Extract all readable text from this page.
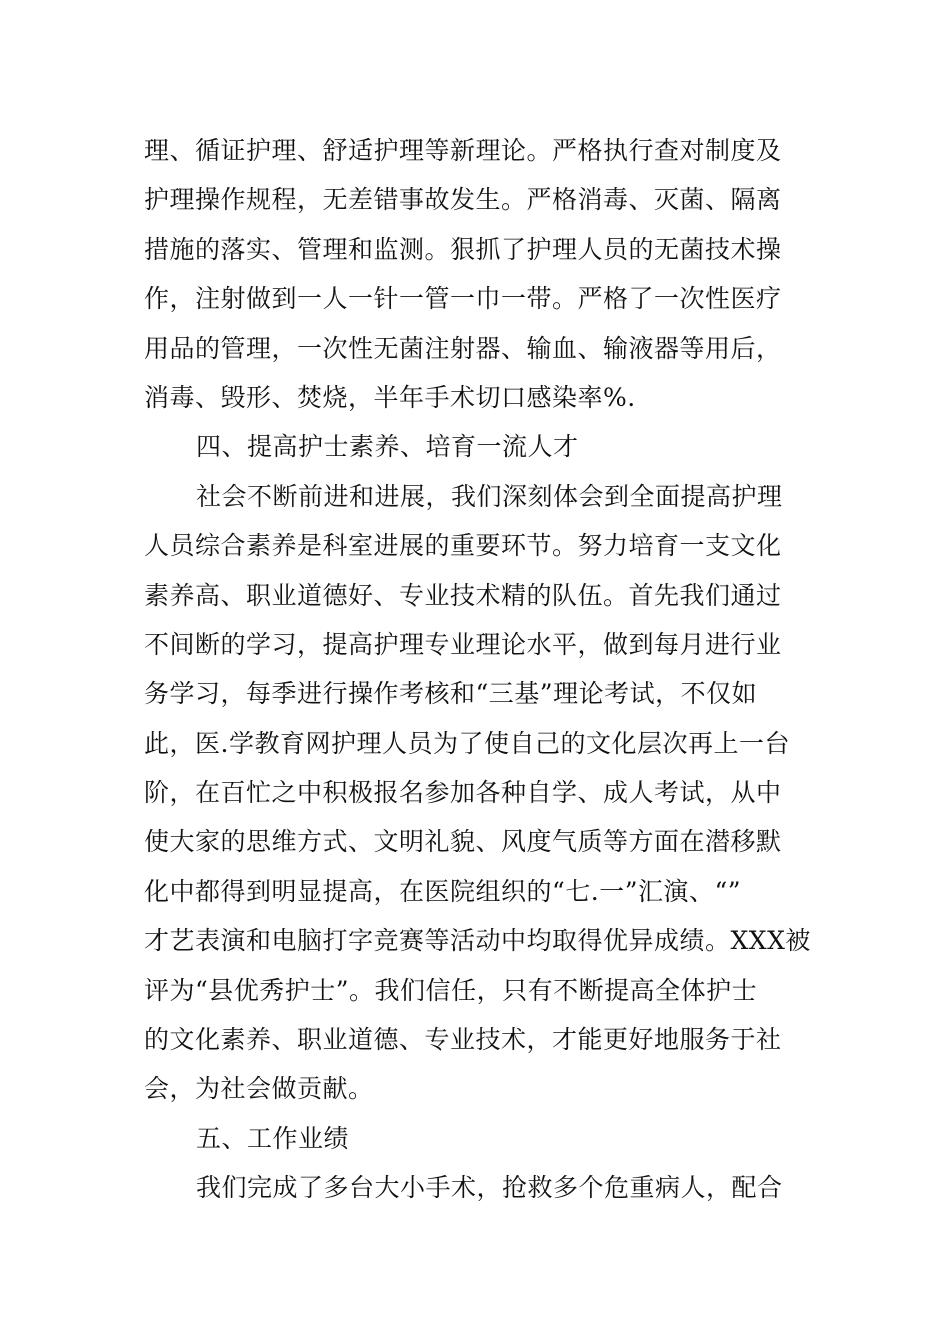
理、循证护理、舒适护理等新理论。严格执行查对制度及
护理操作规程，无差错事故发生。严格消毒、灭菌、隔离
措施的落实、管理和监测。狠抓了护理人员的无菌技术操
作，注射做到一人一针一管一巾一带。严格了一次性医疗
用品的管理，一次性无菌注射器、输血、输液器等用后，
消毒、毁形、焚烧，半年手术切口感染率%.
四、提高护士素养、培育一流人才
社会不断前进和进展，我们深刻体会到全面提高护理
人员综合素养是科室进展的重要环节。努力培育一支文化
素养高、职业道德好、专业技术精的队伍。首先我们通过
不间断的学习，提高护理专业理论水平，做到每月进行业
务学习，每季进行操作考核和“三基”理论考试，不仅如
此，医.学教育网护理人员为了使自己的文化层次再上一台
阶，在百忙之中积极报名参加各种自学、成人考试，从中
使大家的思维方式、文明礼貌、风度气质等方面在潜移默
化中都得到明显提高，在医院组织的“七.一”汇演、“”
才艺表演和电脑打字竞赛等活动中均取得优异成绩。XXX被
评为“县优秀护士”。我们信任，只有不断提高全体护士
的文化素养、职业道德、专业技术，才能更好地服务于社
会，为社会做贡献。
五、工作业绩
我们完成了多台大小手术，抢救多个危重病人，配合
